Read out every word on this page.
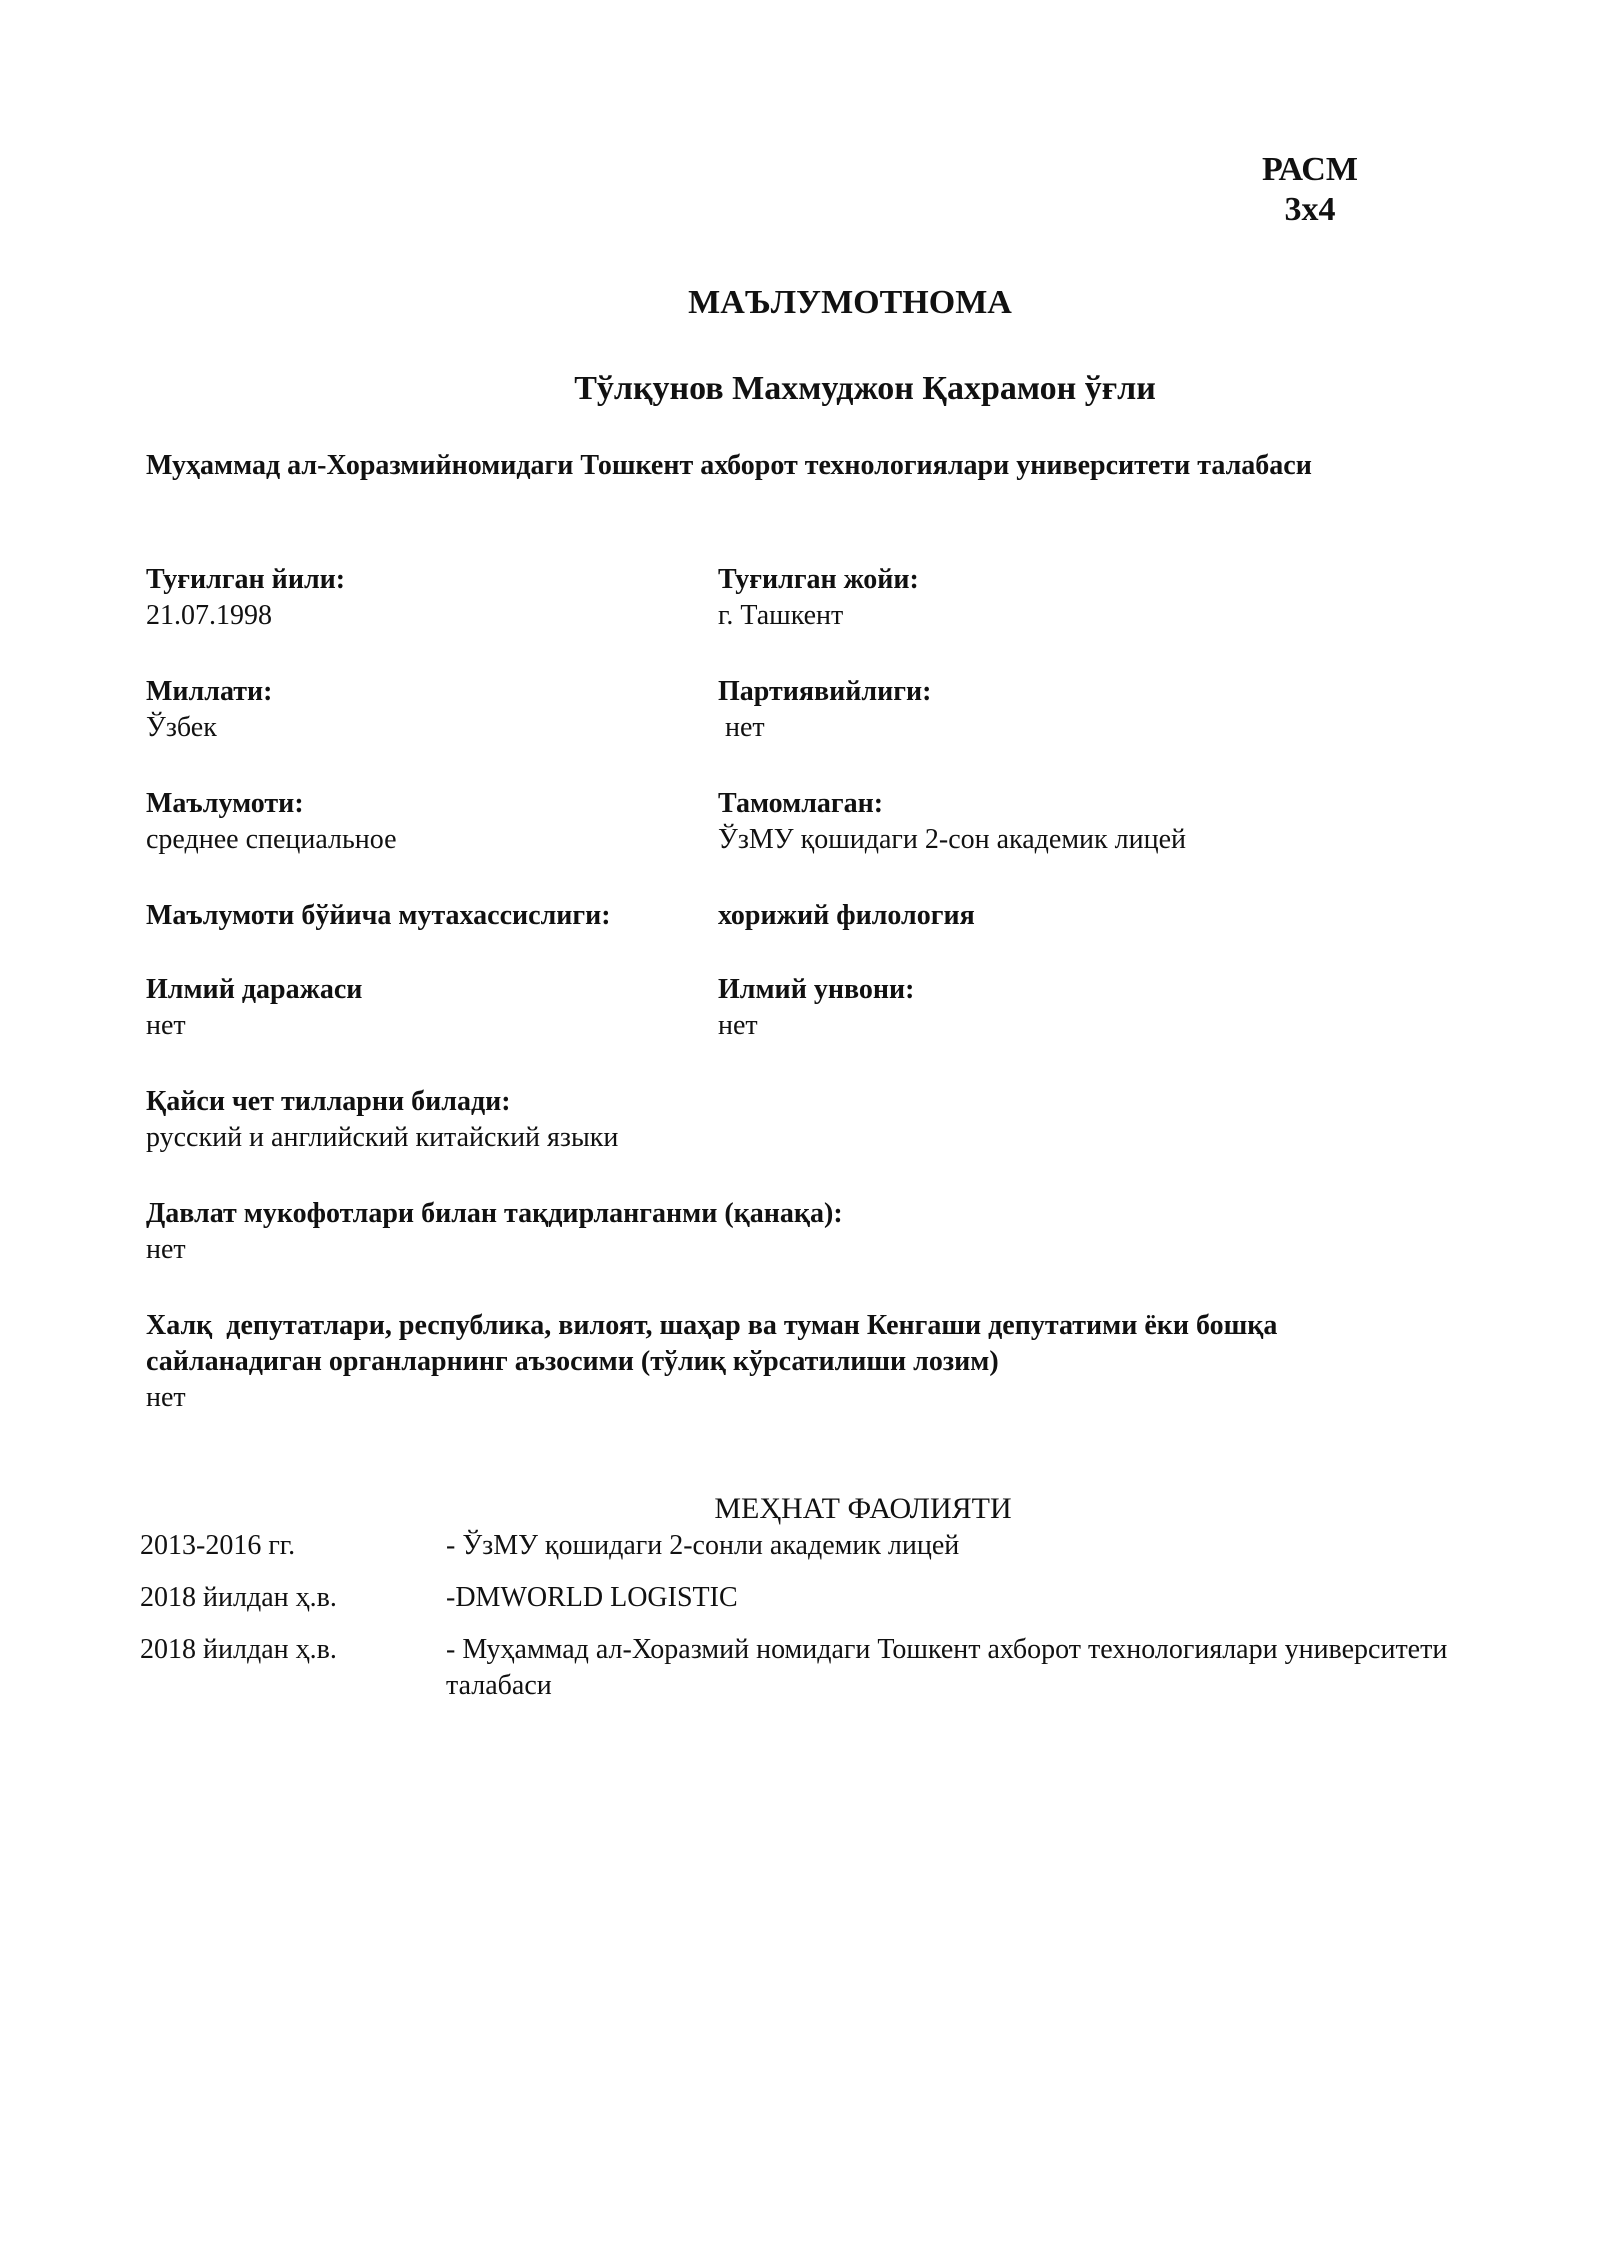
РАСМ
3x4
МАЪЛУМОТНОМА
Тўлқунов Махмуджон Қахрамон ўғли
Муҳаммад ал-Хоразмийномидаги Тошкент ахборот технологиялари университети талабаси
Туғилган йили:
21.07.1998
Туғилган жойи:
г. Ташкент
Миллати:
Ўзбек
Партиявийлиги:
нет
Маълумоти:
среднее специальное
Тамомлаган:
ЎзМУ қошидаги 2-сон академик лицей
Маълумоти бўйича мутахассислиги:	хорижий филология
Илмий даражаси
нет
Илмий унвони:
нет
Қайси чет тилларни билади:
русский и английский китайский языки
Давлат мукофотлари билан тақдирланганми (қанақа):
нет
Халқ  депутатлари, республика, вилоят, шаҳар ва туман Кенгаши депутатими ёки бошқа
сайланадиган органларнинг аъзосими (тўлиқ кўрсатилиши лозим)
нет
МЕҲНАТ ФАОЛИЯТИ
2013-2016 гг.	- ЎзМУ қошидаги 2-сонли академик лицей
2018 йилдан ҳ.в.	-DMWORLD LOGISTIC
2018 йилдан ҳ.в.	- Муҳаммад ал-Хоразмий номидаги Тошкент ахборот технологиялари университети талабаси
